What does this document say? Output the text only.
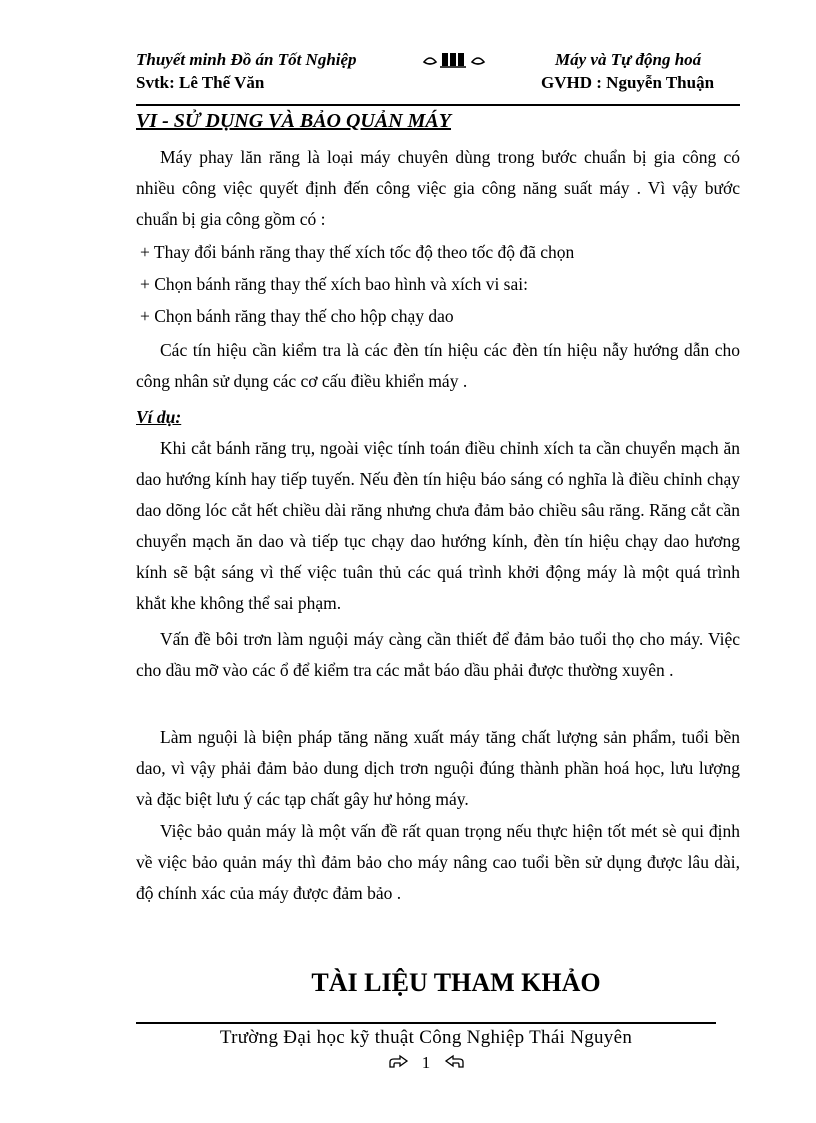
Thuyết minh Đồ án Tốt Nghiệp	Máy và Tự động hoá
Svtk: Lê Thế Văn	GVHD : Nguyễn Thuận
VI - SỬ DỤNG VÀ BẢO QUẢN MÁY
Máy phay lăn răng là loại máy chuyên dùng trong bước chuẩn bị gia công có nhiều công việc quyết định đến công việc gia công năng suất máy . Vì vậy bước chuẩn bị gia công gồm có :
+ Thay đổi bánh răng thay thế xích tốc độ theo tốc độ đã chọn
+ Chọn bánh răng thay thế xích bao hình và xích vi sai:
+ Chọn bánh răng thay thế cho hộp chạy dao
Các tín hiệu cần kiểm tra là các đèn tín hiệu các đèn tín hiệu nẫy hướng dẫn cho công nhân sử dụng các cơ cấu điều khiển máy .
Ví dụ:
Khi cắt bánh răng trụ, ngoài việc tính toán điều chỉnh xích ta cần chuyển mạch ăn dao hướng kính hay tiếp tuyến. Nếu đèn tín hiệu báo sáng có nghĩa là điều chỉnh chạy dao dõng lóc cắt hết chiều dài răng nhưng chưa đảm bảo chiều sâu răng. Răng cắt cần chuyển mạch ăn dao và tiếp tục chạy dao hướng kính, đèn tín hiệu chạy dao hương kính sẽ bật sáng vì thế việc tuân thủ các quá trình khởi động máy là một quá trình khắt khe không thể sai phạm.
Vấn đề bôi trơn làm nguội máy càng cần thiết để đảm bảo tuổi thọ cho máy. Việc cho dầu mỡ vào các ổ để kiểm tra các mắt báo dầu phải được thường xuyên .
Làm nguội là biện pháp tăng năng xuất máy tăng chất lượng sản phẩm, tuổi bền dao, vì vậy phải đảm bảo dung dịch trơn nguội đúng thành phần hoá học, lưu lượng và đặc biệt lưu ý các tạp chất gây hư hỏng máy.
Việc bảo quản máy là một vấn đề rất quan trọng nếu thực hiện tốt mét sè qui định về việc bảo quản máy thì đảm bảo cho máy nâng cao tuổi bền sử dụng được lâu dài, độ chính xác của máy được đảm bảo .
TÀI LIỆU THAM KHẢO
Trường Đại học kỹ thuật Công Nghiệp Thái Nguyên
1
